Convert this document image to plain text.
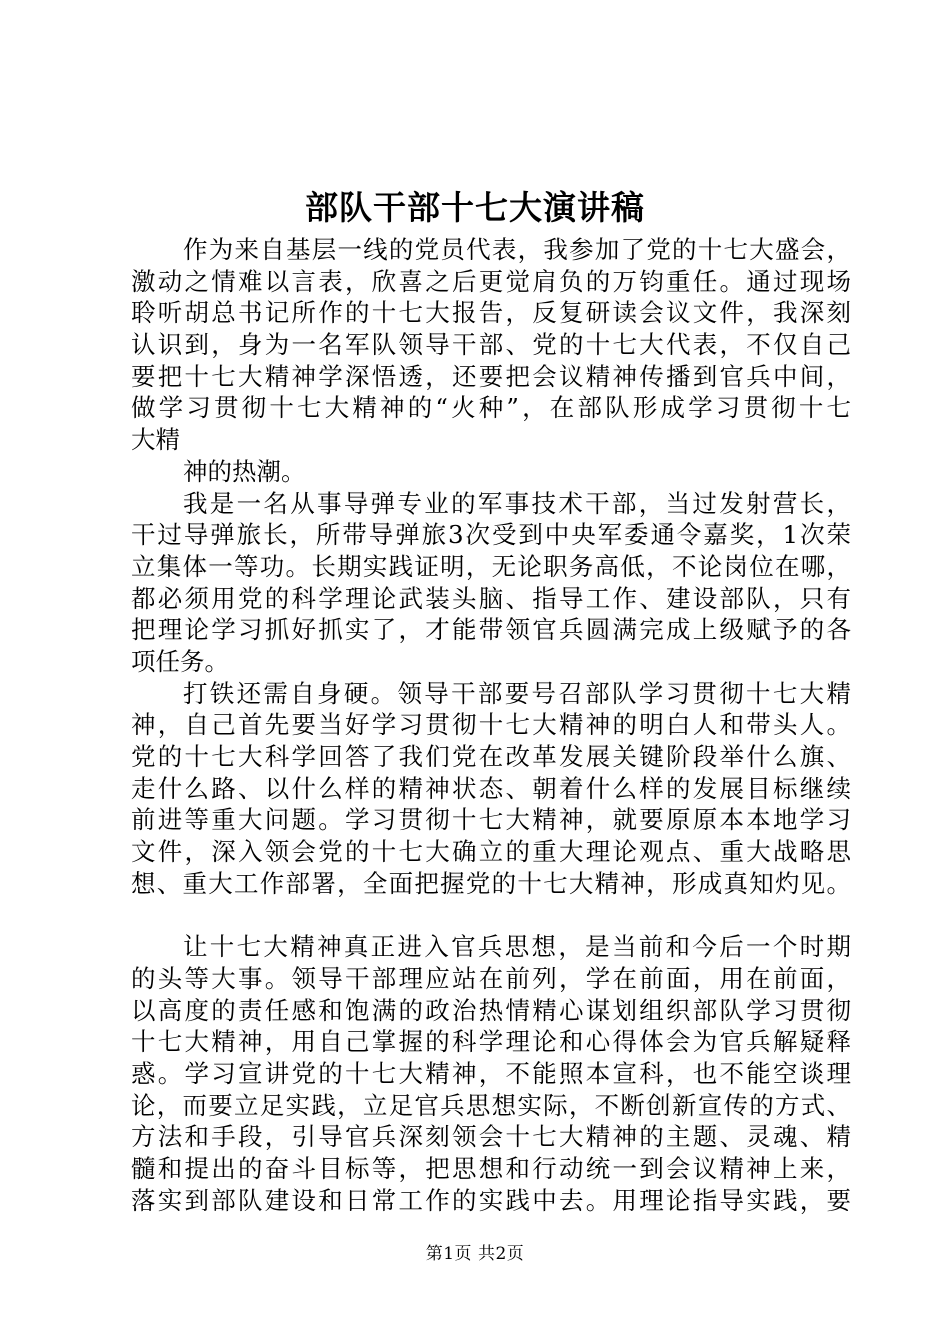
部队干部十七大演讲稿
作为来自基层一线的党员代表，我参加了党的十七大盛会，
激动之情难以言表，欣喜之后更觉肩负的万钧重任。通过现场
聆听胡总书记所作的十七大报告，反复研读会议文件，我深刻
认识到，身为一名军队领导干部、党的十七大代表，不仅自己
要把十七大精神学深悟透，还要把会议精神传播到官兵中间，
做学习贯彻十七大精神的“火种”，在部队形成学习贯彻十七
大精
神的热潮。
我是一名从事导弹专业的军事技术干部，当过发射营长，
干过导弹旅长，所带导弹旅3次受到中央军委通令嘉奖，1次荣
立集体一等功。长期实践证明，无论职务高低，不论岗位在哪，
都必须用党的科学理论武装头脑、指导工作、建设部队，只有
把理论学习抓好抓实了，才能带领官兵圆满完成上级赋予的各
项任务。
打铁还需自身硬。领导干部要号召部队学习贯彻十七大精
神，自己首先要当好学习贯彻十七大精神的明白人和带头人。
党的十七大科学回答了我们党在改革发展关键阶段举什么旗、
走什么路、以什么样的精神状态、朝着什么样的发展目标继续
前进等重大问题。学习贯彻十七大精神，就要原原本本地学习
文件，深入领会党的十七大确立的重大理论观点、重大战略思
想、重大工作部署，全面把握党的十七大精神，形成真知灼见。
让十七大精神真正进入官兵思想，是当前和今后一个时期
的头等大事。领导干部理应站在前列，学在前面，用在前面，
以高度的责任感和饱满的政治热情精心谋划组织部队学习贯彻
十七大精神，用自己掌握的科学理论和心得体会为官兵解疑释
惑。学习宣讲党的十七大精神，不能照本宣科，也不能空谈理
论，而要立足实践，立足官兵思想实际，不断创新宣传的方式、
方法和手段，引导官兵深刻领会十七大精神的主题、灵魂、精
髓和提出的奋斗目标等，把思想和行动统一到会议精神上来，
落实到部队建设和日常工作的实践中去。用理论指导实践，要
第1页 共2页
